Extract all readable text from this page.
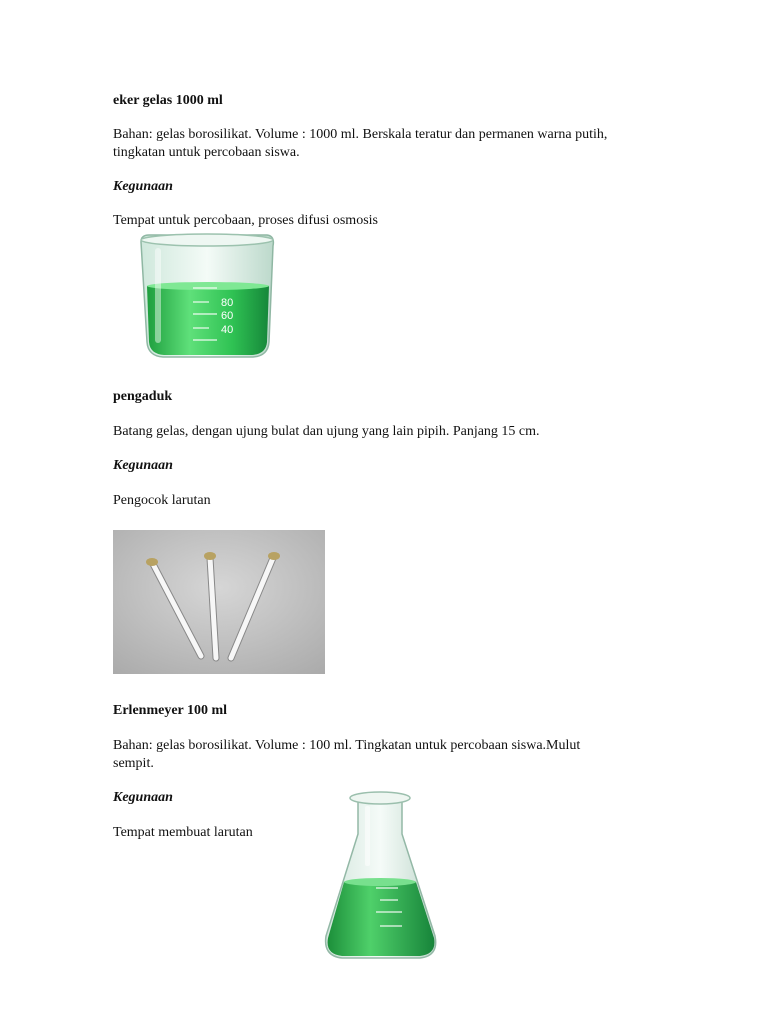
eker gelas 1000 ml

Bahan: gelas borosilikat. Volume : 1000 ml. Berskala teratur dan permanen warna putih,

tingkatan untuk percobaan siswa.

Kegunaan

Tempat untuk percobaan, proses difusi osmosis

80
60
40

pengaduk

Batang gelas, dengan ujung bulat dan ujung yang lain pipih. Panjang 15 cm.

Kegunaan

Pengocok larutan

Erlenmeyer 100 ml

Bahan: gelas borosilikat. Volume : 100 ml. Tingkatan untuk percobaan siswa.Mulut

sempit.

Kegunaan

Tempat membuat larutan
